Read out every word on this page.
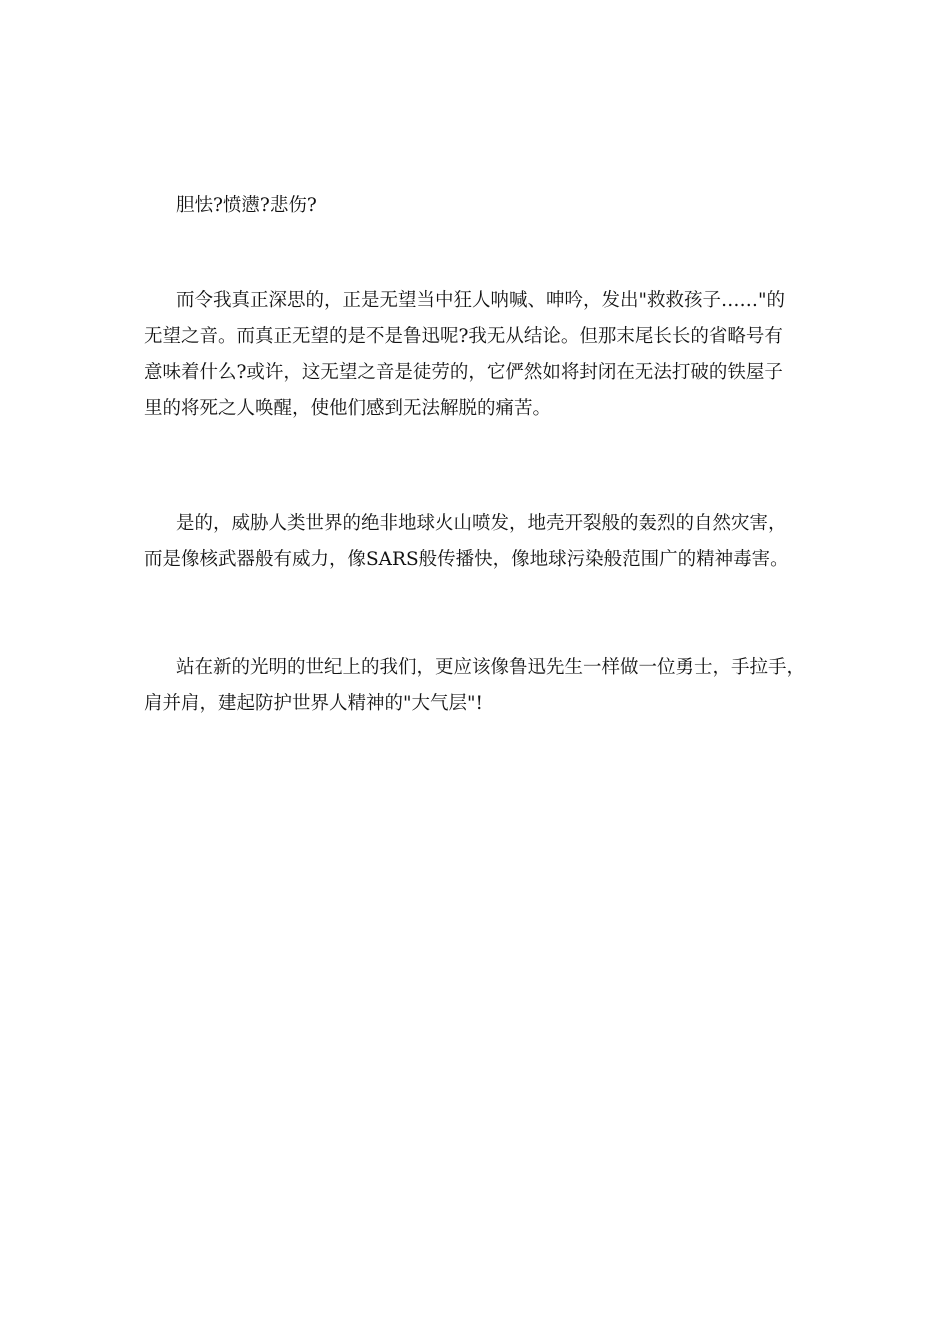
胆怯?愤懑?悲伤?
而令我真正深思的，正是无望当中狂人呐喊、呻吟，发出"救救孩子……"的
无望之音。而真正无望的是不是鲁迅呢?我无从结论。但那末尾长长的省略号有
意味着什么?或许，这无望之音是徒劳的，它俨然如将封闭在无法打破的铁屋子
里的将死之人唤醒，使他们感到无法解脱的痛苦。
是的，威胁人类世界的绝非地球火山喷发，地壳开裂般的轰烈的自然灾害，
而是像核武器般有威力，像SARS般传播快，像地球污染般范围广的精神毒害。
站在新的光明的世纪上的我们，更应该像鲁迅先生一样做一位勇士，手拉手，
肩并肩，建起防护世界人精神的"大气层"!
